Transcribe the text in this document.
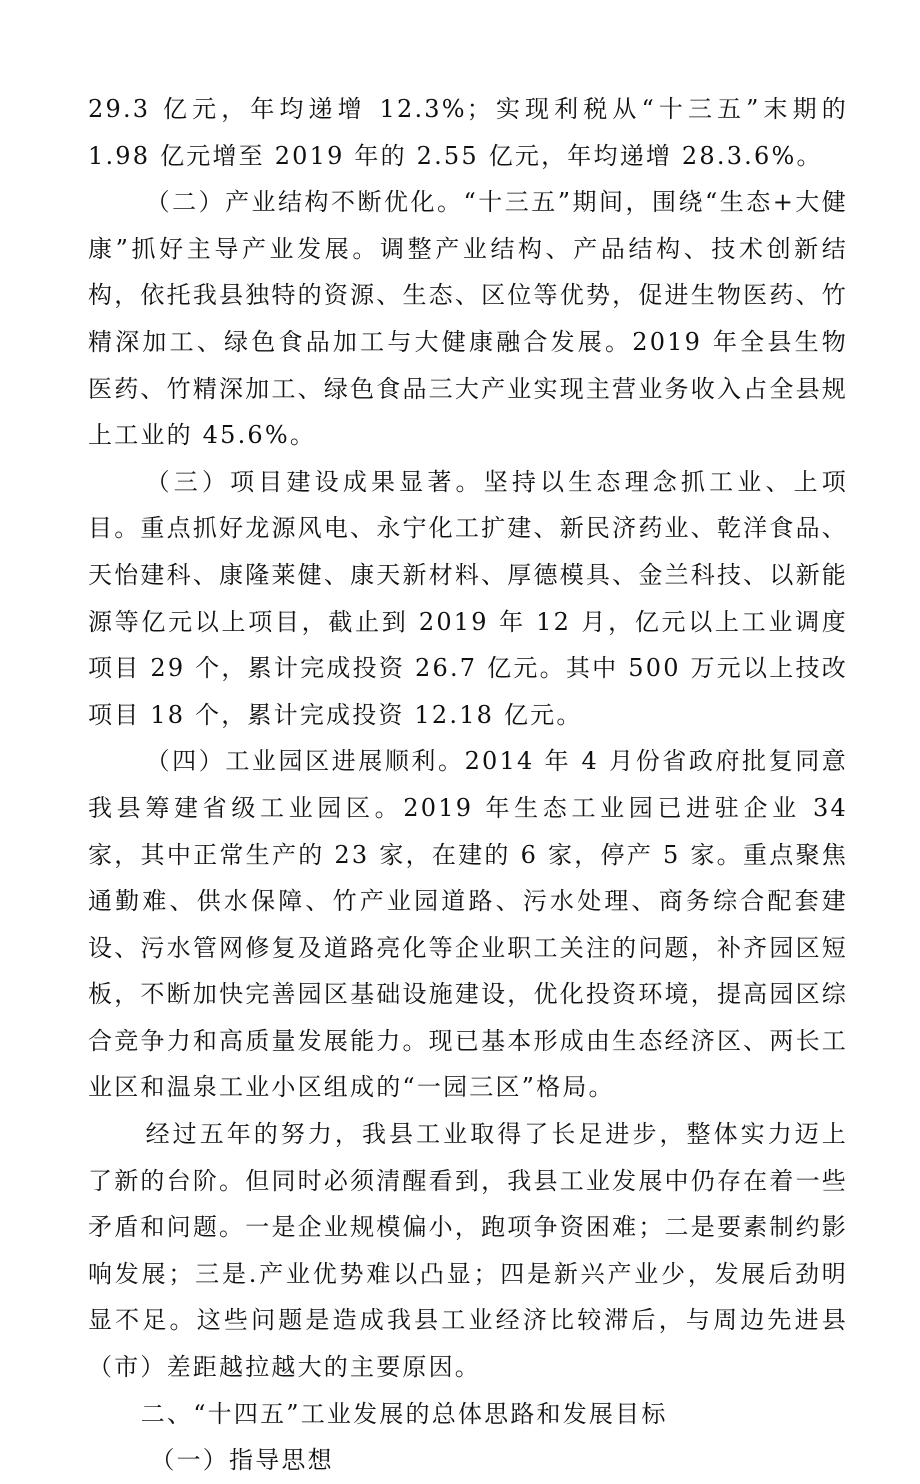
29.3 亿元，年均递增 12.3%；实现利税从“十三五”末期的 1.98 亿元增至 2019 年的 2.55 亿元，年均递增 28.3.6%。

（二）产业结构不断优化。“十三五”期间，围绕“生态+大健康”抓好主导产业发展。调整产业结构、产品结构、技术创新结构，依托我县独特的资源、生态、区位等优势，促进生物医药、竹精深加工、绿色食品加工与大健康融合发展。2019 年全县生物医药、竹精深加工、绿色食品三大产业实现主营业务收入占全县规上工业的 45.6%。

（三）项目建设成果显著。坚持以生态理念抓工业、上项目。重点抓好龙源风电、永宁化工扩建、新民济药业、乾洋食品、天怡建科、康隆莱健、康天新材料、厚德模具、金兰科技、以新能源等亿元以上项目，截止到 2019 年 12 月，亿元以上工业调度项目 29 个，累计完成投资 26.7 亿元。其中 500 万元以上技改项目 18 个，累计完成投资 12.18 亿元。

（四）工业园区进展顺利。2014 年 4 月份省政府批复同意我县筹建省级工业园区。2019 年生态工业园已进驻企业 34 家，其中正常生产的 23 家，在建的 6 家，停产 5 家。重点聚焦通勤难、供水保障、竹产业园道路、污水处理、商务综合配套建设、污水管网修复及道路亮化等企业职工关注的问题，补齐园区短板，不断加快完善园区基础设施建设，优化投资环境，提高园区综合竞争力和高质量发展能力。现已基本形成由生态经济区、两长工业区和温泉工业小区组成的“一园三区”格局。

经过五年的努力，我县工业取得了长足进步，整体实力迈上了新的台阶。但同时必须清醒看到，我县工业发展中仍存在着一些矛盾和问题。一是企业规模偏小，跑项争资困难；二是要素制约影响发展；三是.产业优势难以凸显；四是新兴产业少，发展后劲明显不足。这些问题是造成我县工业经济比较滞后，与周边先进县（市）差距越拉越大的主要原因。

二、“十四五”工业发展的总体思路和发展目标

（一）指导思想
